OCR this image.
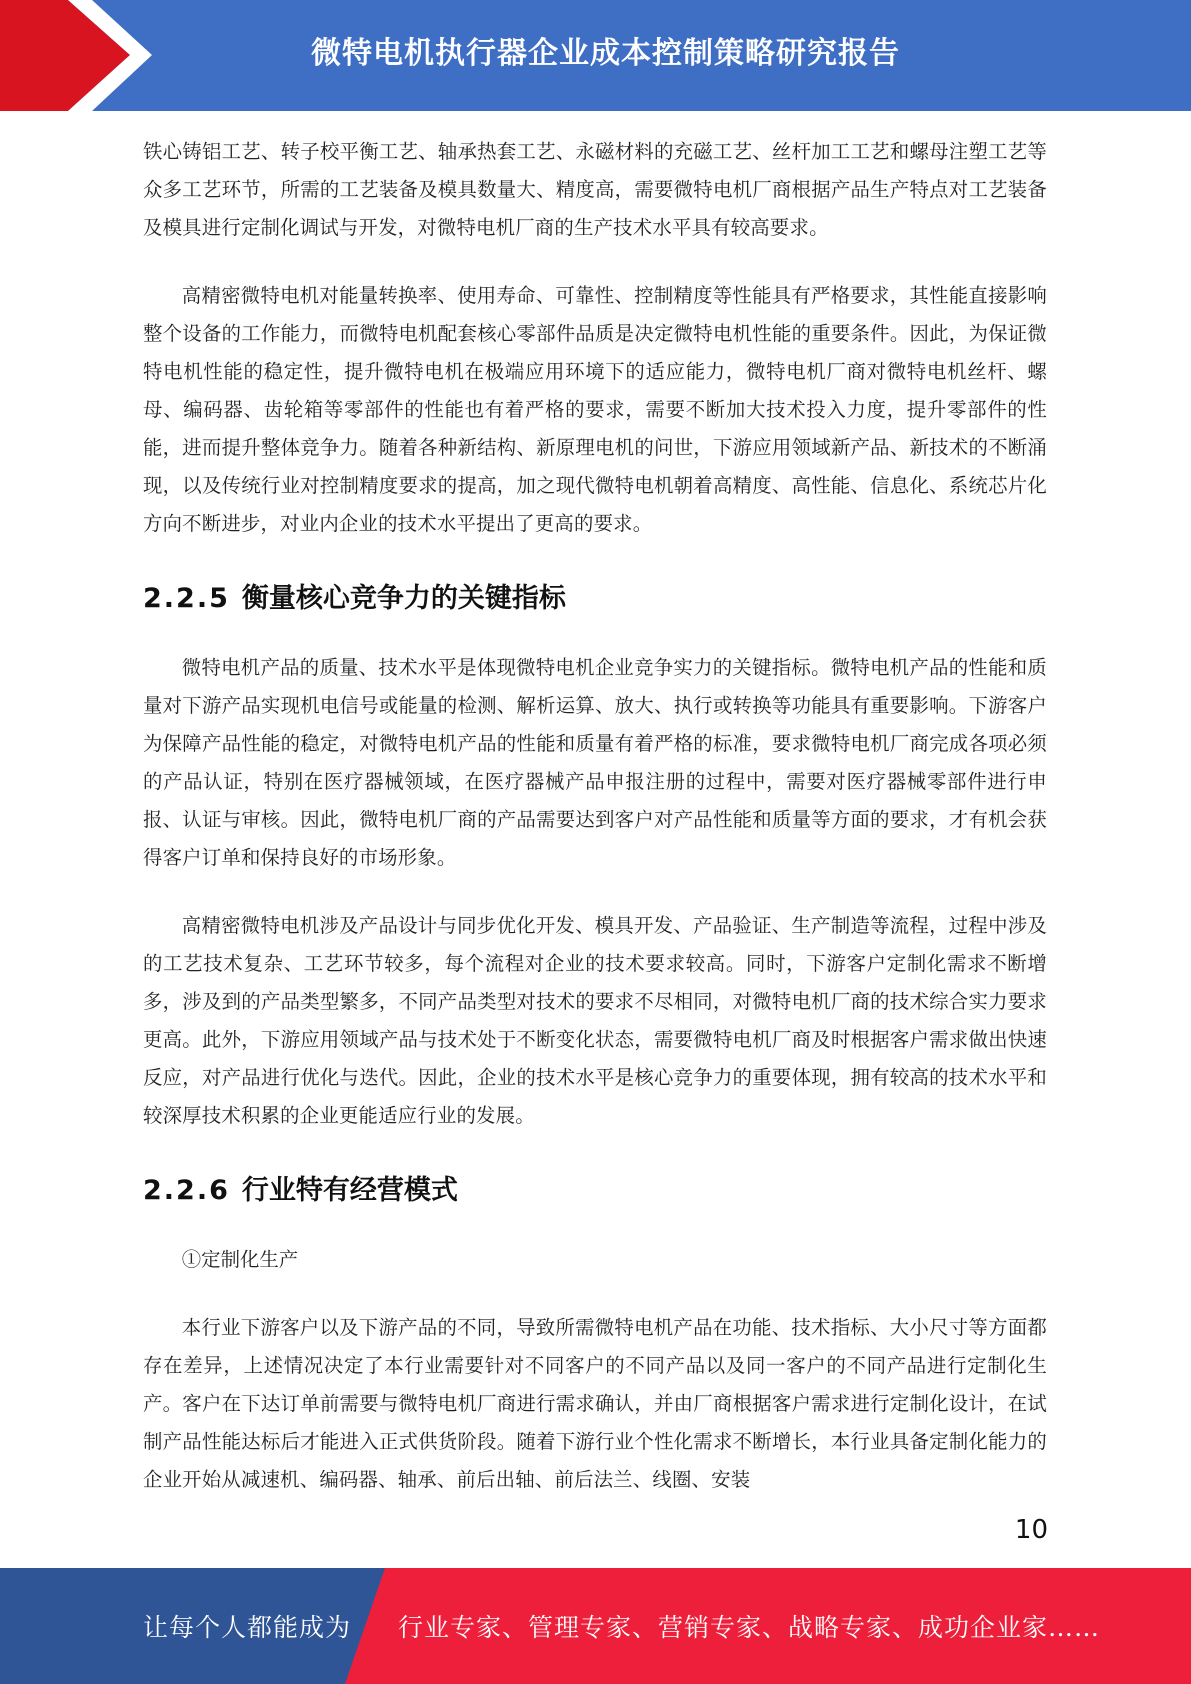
微特电机执行器企业成本控制策略研究报告

铁心铸铝工艺、转子校平衡工艺、轴承热套工艺、永磁材料的充磁工艺、丝杆加工工艺和螺母注塑工艺等众多工艺环节，所需的工艺装备及模具数量大、精度高，需要微特电机厂商根据产品生产特点对工艺装备及模具进行定制化调试与开发，对微特电机厂商的生产技术水平具有较高要求。

高精密微特电机对能量转换率、使用寿命、可靠性、控制精度等性能具有严格要求，其性能直接影响整个设备的工作能力，而微特电机配套核心零部件品质是决定微特电机性能的重要条件。因此，为保证微特电机性能的稳定性，提升微特电机在极端应用环境下的适应能力，微特电机厂商对微特电机丝杆、螺母、编码器、齿轮箱等零部件的性能也有着严格的要求，需要不断加大技术投入力度，提升零部件的性能，进而提升整体竞争力。随着各种新结构、新原理电机的问世，下游应用领域新产品、新技术的不断涌现，以及传统行业对控制精度要求的提高，加之现代微特电机朝着高精度、高性能、信息化、系统芯片化方向不断进步，对业内企业的技术水平提出了更高的要求。

2.2.5 衡量核心竞争力的关键指标

微特电机产品的质量、技术水平是体现微特电机企业竞争实力的关键指标。微特电机产品的性能和质量对下游产品实现机电信号或能量的检测、解析运算、放大、执行或转换等功能具有重要影响。下游客户为保障产品性能的稳定，对微特电机产品的性能和质量有着严格的标准，要求微特电机厂商完成各项必须的产品认证，特别在医疗器械领域，在医疗器械产品申报注册的过程中，需要对医疗器械零部件进行申报、认证与审核。因此，微特电机厂商的产品需要达到客户对产品性能和质量等方面的要求，才有机会获得客户订单和保持良好的市场形象。

高精密微特电机涉及产品设计与同步优化开发、模具开发、产品验证、生产制造等流程，过程中涉及的工艺技术复杂、工艺环节较多，每个流程对企业的技术要求较高。同时，下游客户定制化需求不断增多，涉及到的产品类型繁多，不同产品类型对技术的要求不尽相同，对微特电机厂商的技术综合实力要求更高。此外，下游应用领域产品与技术处于不断变化状态，需要微特电机厂商及时根据客户需求做出快速反应，对产品进行优化与迭代。因此，企业的技术水平是核心竞争力的重要体现，拥有较高的技术水平和较深厚技术积累的企业更能适应行业的发展。

2.2.6 行业特有经营模式

①定制化生产

本行业下游客户以及下游产品的不同，导致所需微特电机产品在功能、技术指标、大小尺寸等方面都存在差异，上述情况决定了本行业需要针对不同客户的不同产品以及同一客户的不同产品进行定制化生产。客户在下达订单前需要与微特电机厂商进行需求确认，并由厂商根据客户需求进行定制化设计，在试制产品性能达标后才能进入正式供货阶段。随着下游行业个性化需求不断增长，本行业具备定制化能力的企业开始从减速机、编码器、轴承、前后出轴、前后法兰、线圈、安装

10
让每个人都能成为 行业专家、管理专家、营销专家、战略专家、成功企业家……
